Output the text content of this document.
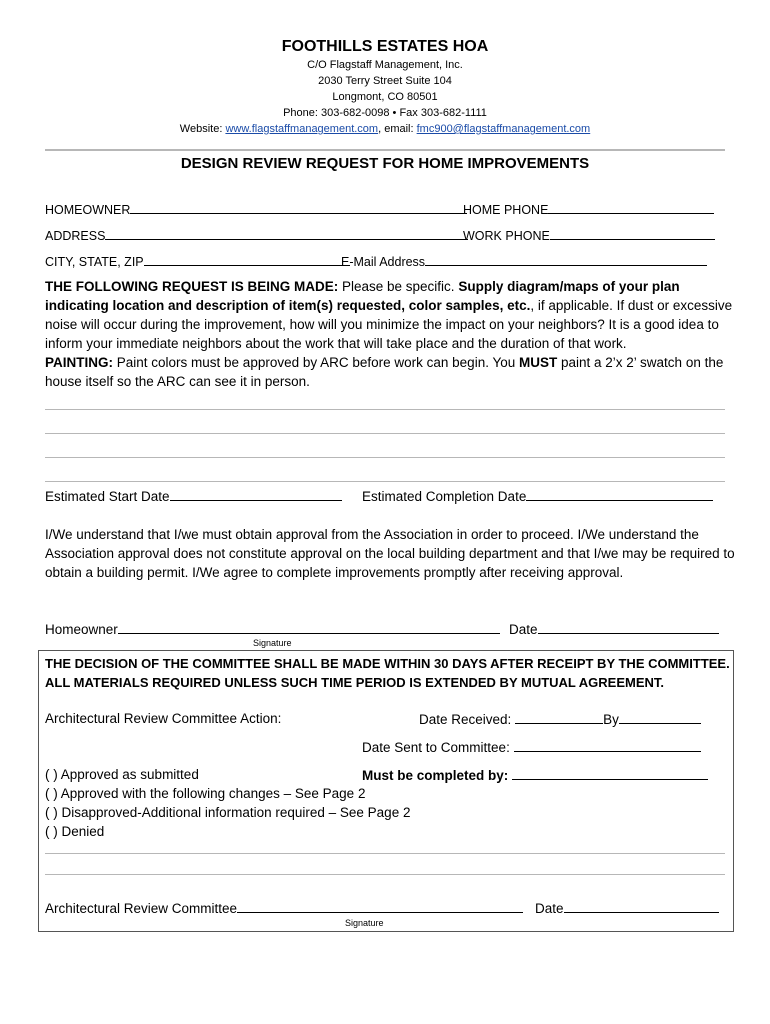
FOOTHILLS ESTATES HOA
C/O Flagstaff Management, Inc.
2030 Terry Street Suite 104
Longmont, CO 80501
Phone: 303-682-0098 • Fax 303-682-1111
Website: www.flagstaffmanagement.com, email: fmc900@flagstaffmanagement.com
DESIGN REVIEW REQUEST FOR HOME IMPROVEMENTS
HOMEOWNER	HOME PHONE
ADDRESS	WORK PHONE
CITY, STATE, ZIP	E-Mail Address
THE FOLLOWING REQUEST IS BEING MADE: Please be specific. Supply diagram/maps of your plan indicating location and description of item(s) requested, color samples, etc., if applicable. If dust or excessive noise will occur during the improvement, how will you minimize the impact on your neighbors? It is a good idea to inform your immediate neighbors about the work that will take place and the duration of that work.
PAINTING: Paint colors must be approved by ARC before work can begin. You MUST paint a 2’x 2’ swatch on the house itself so the ARC can see it in person.
Estimated Start Date	Estimated Completion Date
I/We understand that I/we must obtain approval from the Association in order to proceed. I/We understand the Association approval does not constitute approval on the local building department and that I/we may be required to obtain a building permit. I/We agree to complete improvements promptly after receiving approval.
Homeowner	Date
Signature
THE DECISION OF THE COMMITTEE SHALL BE MADE WITHIN 30 DAYS AFTER RECEIPT BY THE COMMITTEE.
ALL MATERIALS REQUIRED UNLESS SUCH TIME PERIOD IS EXTENDED BY MUTUAL AGREEMENT.
Architectural Review Committee Action:	Date Received:	By
Date Sent to Committee:
( ) Approved as submitted	Must be completed by:
( ) Approved with the following changes – See Page 2
( ) Disapproved-Additional information required – See Page 2
( ) Denied
Architectural Review Committee	Date
Signature
